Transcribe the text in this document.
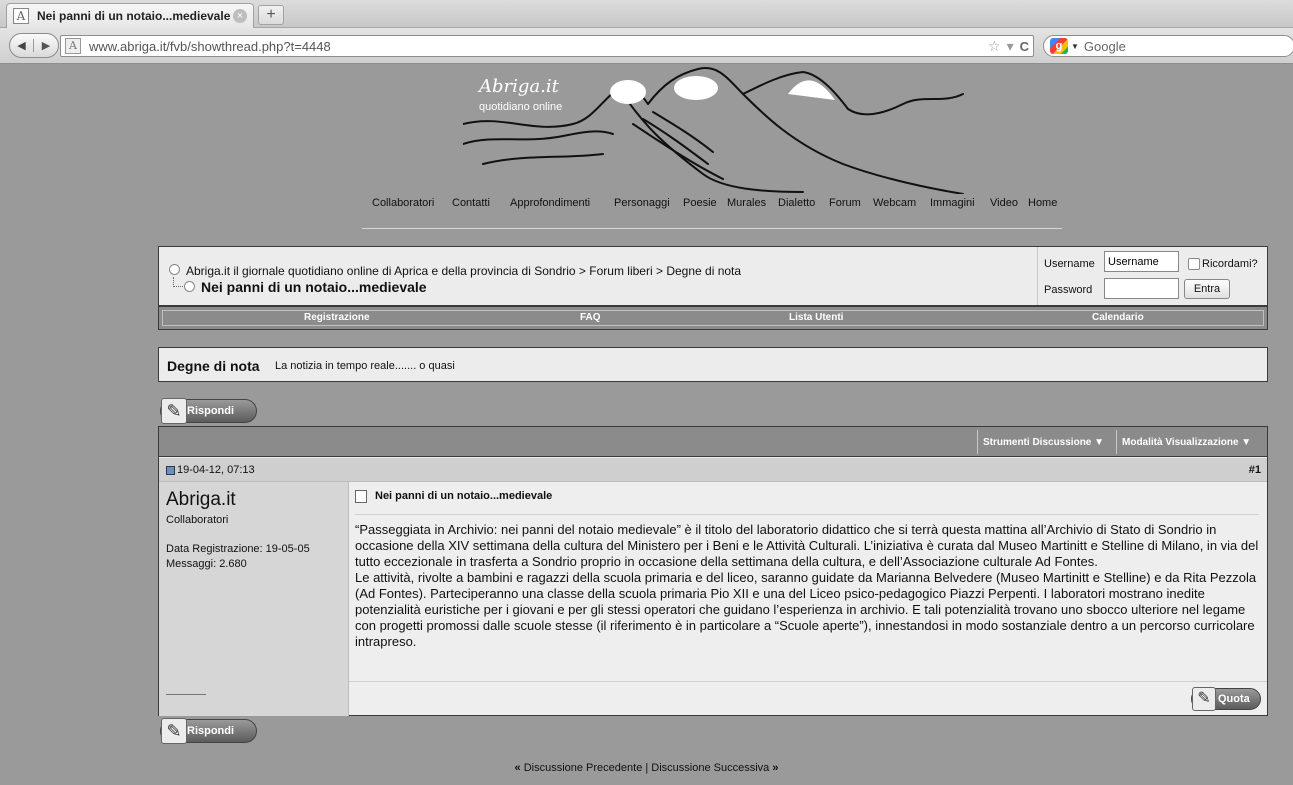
A Nei panni di un notaio...medievale ×	+
◀	▶	A www.abriga.it/fvb/showthread.php?t=4448	☆ ▾ C	g	▼ Google
Abriga.it
quotidiano online
Collaboratori Contatti Approfondimenti Personaggi Poesie Murales Dialetto Forum Webcam Immagini Video Home
Abriga.it il giornale quotidiano online di Aprica e della provincia di Sondrio > Forum liberi > Degne di nota
Nei panni di un notaio...medievale
Username
Username	Ricordami?
Password	Entra
Registrazione	FAQ	Lista Utenti	Calendario
Degne di nota La notizia in tempo reale....... o quasi
✎ Rispondi
Strumenti Discussione ▼ Modalità Visualizzazione ▼
19-04-12, 07:13	#1
Abriga.it
Collaboratori
Data Registrazione: 19-05-05
Messaggi: 2.680
Nei panni di un notaio...medievale

“Passeggiata in Archivio: nei panni del notaio medievale” è il titolo del laboratorio didattico che si terrà questa mattina all’Archivio di Stato di Sondrio in occasione della XIV settimana della cultura del Ministero per i Beni e le Attività Culturali. L’iniziativa è curata dal Museo Martinitt e Stelline di Milano, in via del tutto eccezionale in trasferta a Sondrio proprio in occasione della settimana della cultura, e dell’Associazione culturale Ad Fontes.

Le attività, rivolte a bambini e ragazzi della scuola primaria e del liceo, saranno guidate da Marianna Belvedere (Museo Martinitt e Stelline) e da Rita Pezzola (Ad Fontes). Parteciperanno una classe della scuola primaria Pio XII e una del Liceo psico-pedagogico Piazzi Perpenti. I laboratori mostrano inedite potenzialità euristiche per i giovani e per gli stessi operatori che guidano l’esperienza in archivio. E tali potenzialità trovano uno sbocco ulteriore nel legame con progetti promossi dalle scuole stesse (il riferimento è in particolare a “Scuole aperte”), innestandosi in modo sostanziale dentro a un percorso curricolare intrapreso.

✎ Quota
✎ Rispondi
« Discussione Precedente | Discussione Successiva »
